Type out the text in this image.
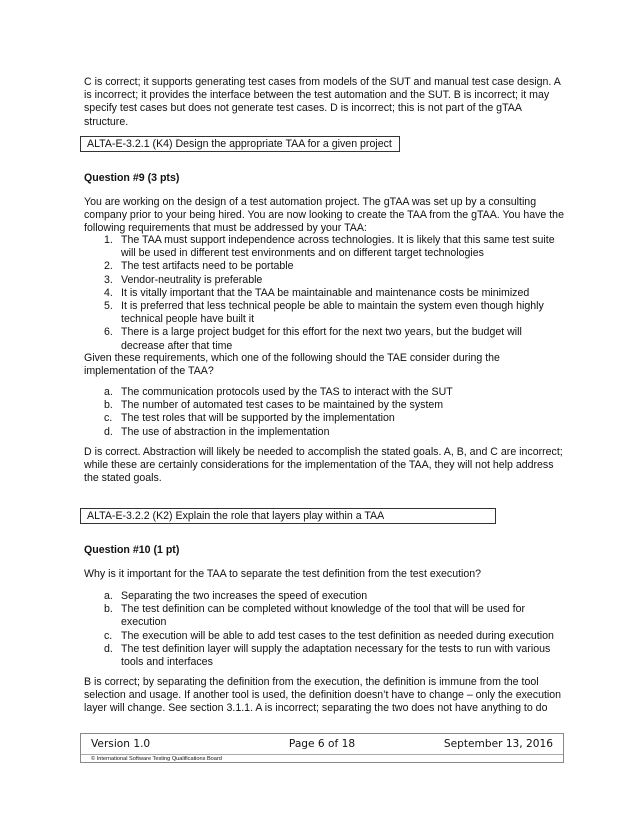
C is correct; it supports generating test cases from models of the SUT and manual test case design. A is incorrect; it provides the interface between the test automation and the SUT. B is incorrect; it may specify test cases but does not generate test cases. D is incorrect; this is not part of the gTAA structure.

ALTA-E-3.2.1 (K4) Design the appropriate TAA for a given project
Question #9 (3 pts)

You are working on the design of a test automation project. The gTAA was set up by a consulting company prior to your being hired. You are now looking to create the TAA from the gTAA. You have the following requirements that must be addressed by your TAA:

1. The TAA must support independence across technologies. It is likely that this same test suite will be used in different test environments and on different target technologies
2. The test artifacts need to be portable
3. Vendor-neutrality is preferable
4. It is vitally important that the TAA be maintainable and maintenance costs be minimized
5. It is preferred that less technical people be able to maintain the system even though highly technical people have built it
6. There is a large project budget for this effort for the next two years, but the budget will decrease after that time

Given these requirements, which one of the following should the TAE consider during the implementation of the TAA?

a. The communication protocols used by the TAS to interact with the SUT
b. The number of automated test cases to be maintained by the system
c. The test roles that will be supported by the implementation
d. The use of abstraction in the implementation

D is correct. Abstraction will likely be needed to accomplish the stated goals. A, B, and C are incorrect; while these are certainly considerations for the implementation of the TAA, they will not help address the stated goals.

ALTA-E-3.2.2 (K2) Explain the role that layers play within a TAA
Question #10 (1 pt)

Why is it important for the TAA to separate the test definition from the test execution?

a. Separating the two increases the speed of execution
b. The test definition can be completed without knowledge of the tool that will be used for execution
c. The execution will be able to add test cases to the test definition as needed during execution
d. The test definition layer will supply the adaptation necessary for the tests to run with various tools and interfaces

B is correct; by separating the definition from the execution, the definition is immune from the tool selection and usage. If another tool is used, the definition doesn’t have to change – only the execution layer will change. See section 3.1.1. A is incorrect; separating the two does not have anything to do

Version 1.0	Page 6 of 18	September 13, 2016
© International Software Testing Qualifications Board
